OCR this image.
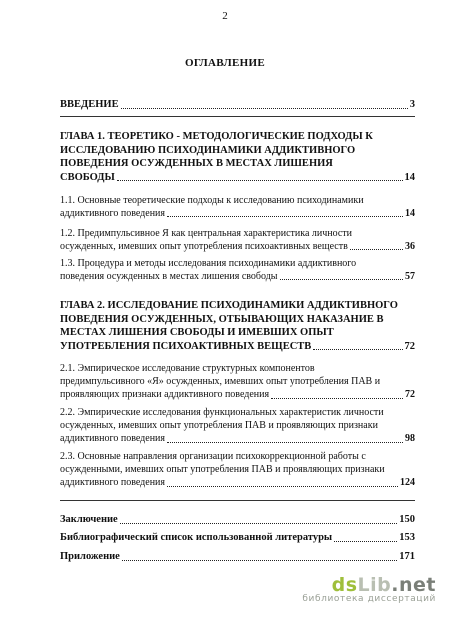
2
ОГЛАВЛЕНИЕ
ВВЕДЕНИЕ	3
ГЛАВА 1. ТЕОРЕТИКО - МЕТОДОЛОГИЧЕСКИЕ ПОДХОДЫ К
ИССЛЕДОВАНИЮ ПСИХОДИНАМИКИ АДДИКТИВНОГО
ПОВЕДЕНИЯ ОСУЖДЕННЫХ В МЕСТАХ ЛИШЕНИЯ
СВОБОДЫ	14
1.1. Основные теоретические подходы к исследованию психодинамики
аддиктивного поведения	14
1.2. Предимпульсивное Я как центральная характеристика личности
осужденных, имевших опыт употребления психоактивных веществ	36
1.3. Процедура и методы исследования психодинамики аддиктивного
поведения осужденных в местах лишения свободы	57
ГЛАВА 2. ИССЛЕДОВАНИЕ ПСИХОДИНАМИКИ АДДИКТИВНОГО
ПОВЕДЕНИЯ ОСУЖДЕННЫХ, ОТБЫВАЮЩИХ НАКАЗАНИЕ В
МЕСТАХ ЛИШЕНИЯ СВОБОДЫ И ИМЕВШИХ ОПЫТ
УПОТРЕБЛЕНИЯ ПСИХОАКТИВНЫХ ВЕЩЕСТВ	72
2.1. Эмпирическое исследование структурных компонентов
предимпульсивного «Я» осужденных, имевших опыт употребления ПАВ и
проявляющих признаки аддиктивного поведения	72
2.2. Эмпирические исследования функциональных характеристик личности
осужденных, имевших опыт употребления ПАВ и проявляющих признаки
аддиктивного поведения	98
2.3. Основные направления организации психокоррекционной работы с
осужденными, имевших опыт употребления ПАВ и проявляющих признаки
аддиктивного поведения	124
Заключение	150
Библиографический список использованной литературы	153
Приложение	171
dsLib.net
библиотека диссертаций
